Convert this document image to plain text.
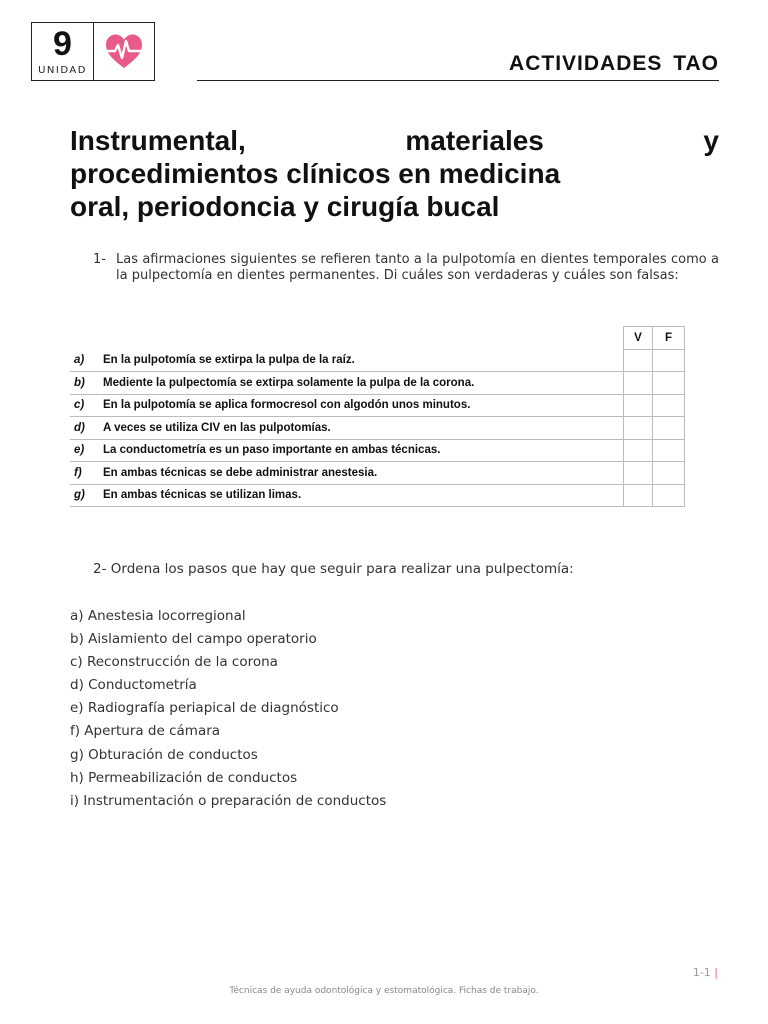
9
UNIDAD	ACTIVIDADES TAO
Instrumental,	materiales	y
procedimientos clínicos en medicina
oral, periodoncia y cirugía bucal
1- Las afirmaciones siguientes se refieren tanto a la pulpotomía en dientes temporales como a la pulpectomía en dientes permanentes. Di cuáles son verdaderas y cuáles son falsas:
		V	F
a)	En la pulpotomía se extirpa la pulpa de la raíz.		
b)	Mediente la pulpectomía se extirpa solamente la pulpa de la corona.		
c)	En la pulpotomía se aplica formocresol con algodón unos minutos.		
d)	A veces se utiliza CIV en las pulpotomías.		
e)	La conductometría es un paso importante en ambas técnicas.		
f)	En ambas técnicas se debe administrar anestesia.		
g)	En ambas técnicas se utilizan limas.		
2- Ordena los pasos que hay que seguir para realizar una pulpectomía:
a) Anestesia locorregional
b) Aislamiento del campo operatorio
c) Reconstrucción de la corona
d) Conductometría
e) Radiografía periapical de diagnóstico
f) Apertura de cámara
g) Obturación de conductos
h) Permeabilización de conductos
i) Instrumentación o preparación de conductos
1-1 |
Técnicas de ayuda odontológica y estomatológica. Fichas de trabajo.
